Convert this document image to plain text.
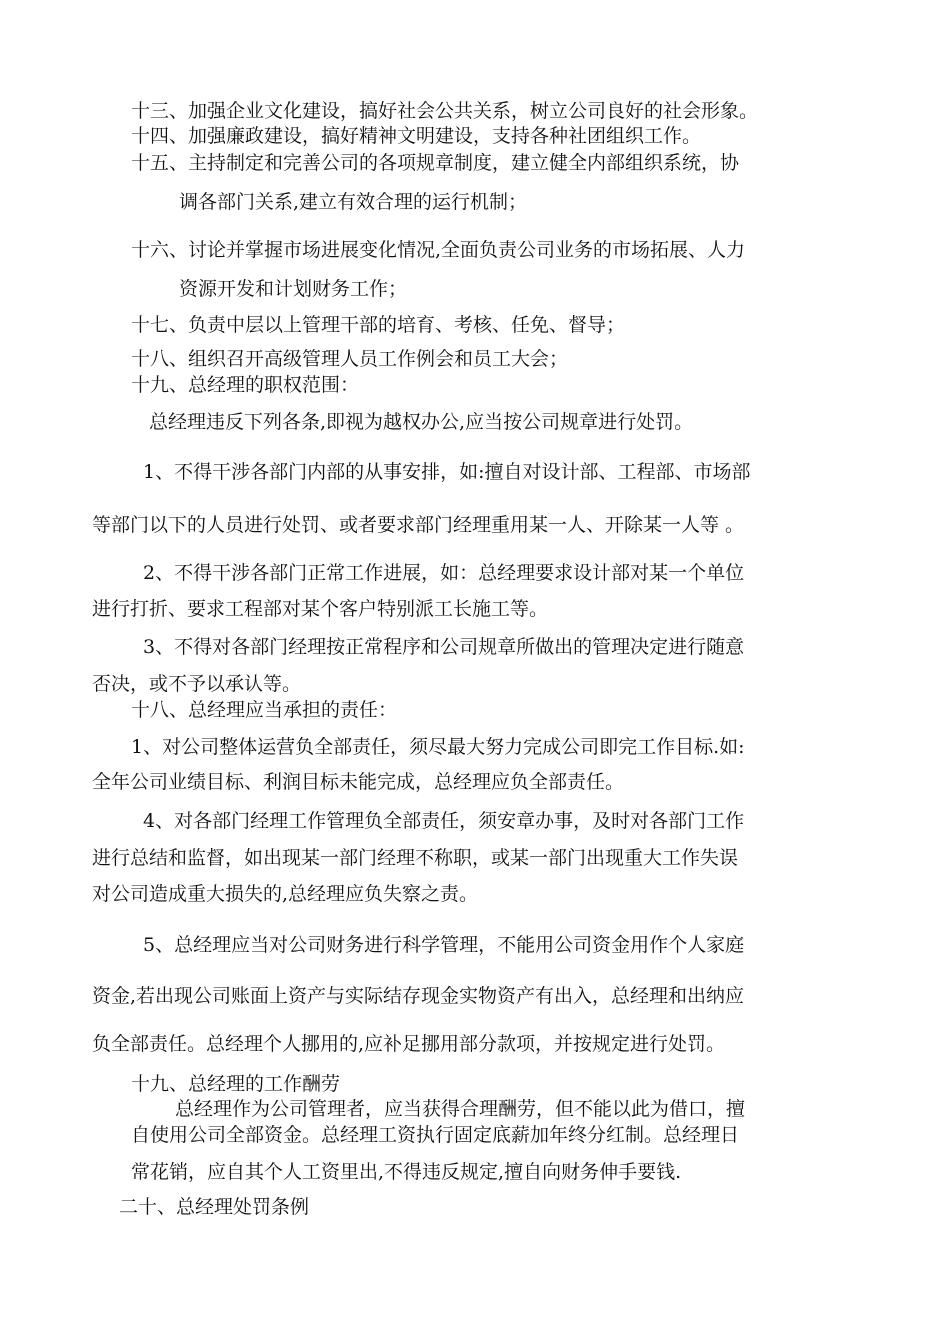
十三、加强企业文化建设，搞好社会公共关系，树立公司良好的社会形象。
十四、加强廉政建设，搞好精神文明建设，支持各种社团组织工作。
十五、主持制定和完善公司的各项规章制度，建立健全内部组织系统，协
调各部门关系,建立有效合理的运行机制；
十六、讨论并掌握市场进展变化情况,全面负责公司业务的市场拓展、人力
资源开发和计划财务工作；
十七、负责中层以上管理干部的培育、考核、任免、督导；
十八、组织召开高级管理人员工作例会和员工大会；
十九、总经理的职权范围：
总经理违反下列各条,即视为越权办公,应当按公司规章进行处罚。
1、不得干涉各部门内部的从事安排，如:擅自对设计部、工程部、市场部
等部门以下的人员进行处罚、或者要求部门经理重用某一人、开除某一人等 。
2、不得干涉各部门正常工作进展，如：总经理要求设计部对某一个单位
进行打折、要求工程部对某个客户特别派工长施工等。
3、不得对各部门经理按正常程序和公司规章所做出的管理决定进行随意
否决，或不予以承认等。
十八、总经理应当承担的责任：
1、对公司整体运营负全部责任，须尽最大努力完成公司即完工作目标.如:
全年公司业绩目标、利润目标未能完成，总经理应负全部责任。
4、对各部门经理工作管理负全部责任，须安章办事，及时对各部门工作
进行总结和监督，如出现某一部门经理不称职，或某一部门出现重大工作失误
对公司造成重大损失的,总经理应负失察之责。
5、总经理应当对公司财务进行科学管理，不能用公司资金用作个人家庭
资金,若出现公司账面上资产与实际结存现金实物资产有出入，总经理和出纳应
负全部责任。总经理个人挪用的,应补足挪用部分款项，并按规定进行处罚。
十九、总经理的工作酬劳
总经理作为公司管理者，应当获得合理酬劳，但不能以此为借口，擅
自使用公司全部资金。总经理工资执行固定底薪加年终分红制。总经理日
常花销，应自其个人工资里出,不得违反规定,擅自向财务伸手要钱.
二十、总经理处罚条例
